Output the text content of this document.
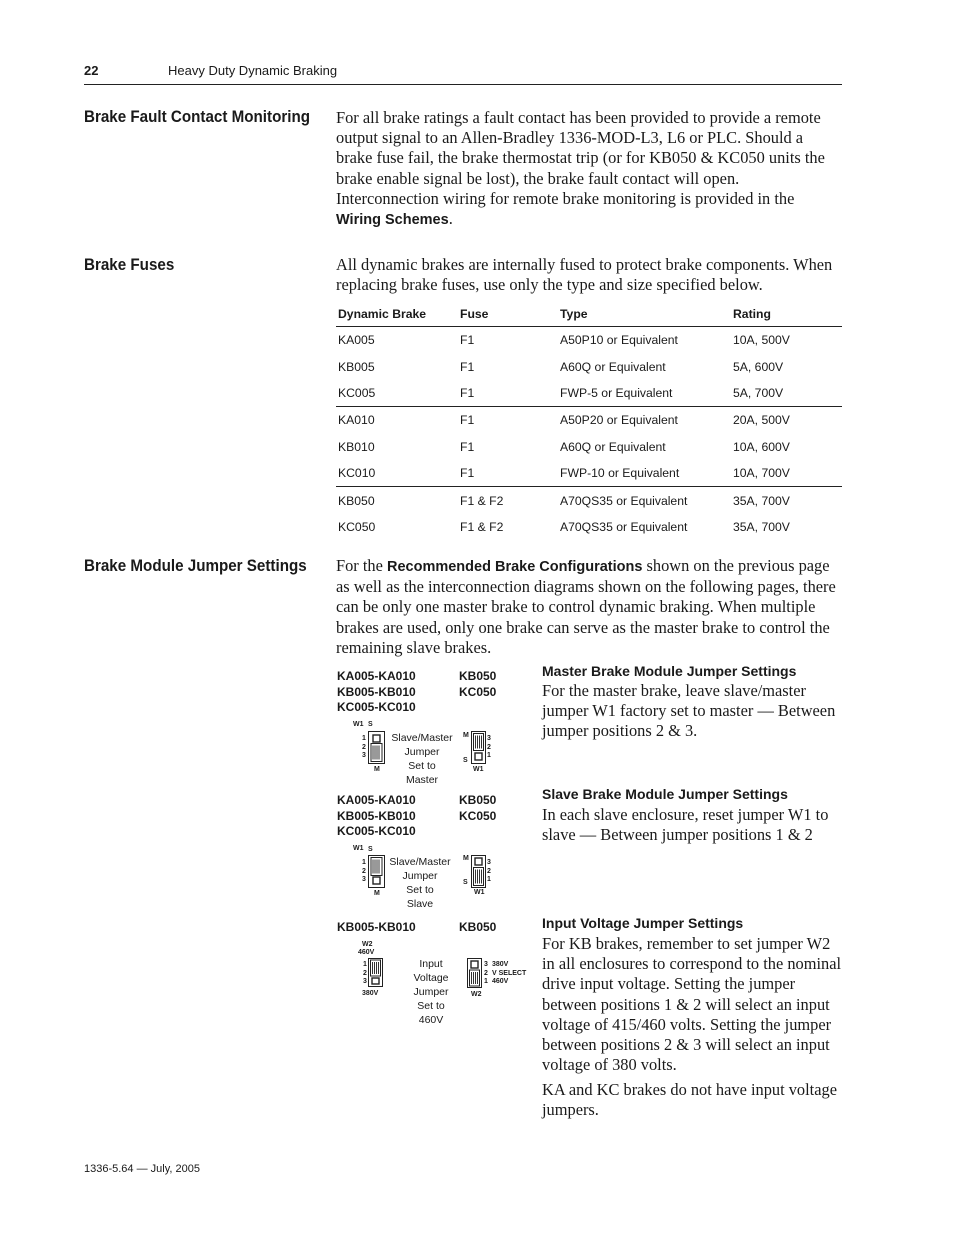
22	Heavy Duty Dynamic Braking
Brake Fault Contact Monitoring For all brake ratings a fault contact has been provided to provide a remote output signal to an Allen-Bradley 1336-MOD-L3, L6 or PLC. Should a brake fuse fail, the brake thermostat trip (or for KB050 & KC050 units the brake enable signal be lost), the brake fault contact will open. Interconnection wiring for remote brake monitoring is provided in the Wiring Schemes.
Brake Fuses	All dynamic brakes are internally fused to protect brake components. When replacing brake fuses, use only the type and size specified below.
Dynamic Brake	Fuse	Type	Rating
KA005	F1	A50P10 or Equivalent	10A, 500V
KB005	F1	A60Q or Equivalent	5A, 600V
KC005	F1	FWP-5 or Equivalent	5A, 700V
KA010	F1	A50P20 or Equivalent	20A, 500V
KB010	F1	A60Q or Equivalent	10A, 600V
KC010	F1	FWP-10 or Equivalent	10A, 700V
KB050	F1 & F2	A70QS35 or Equivalent	35A, 700V
KC050	F1 & F2	A70QS35 or Equivalent	35A, 700V
Brake Module Jumper Settings For the Recommended Brake Configurations shown on the previous page as well as the interconnection diagrams shown on the following pages, there can be only one master brake to control dynamic braking. When multiple brakes are used, only one brake can serve as the master brake to control the remaining slave brakes.
KA005-KA010
KB005-KB010
KC005-KC010
KB050
KC050
W1 S
1
2
3
M
Slave/Master
Jumper
Set to
Master
M	3
2
1
S
W1
Master Brake Module Jumper Settings
For the master brake, leave slave/master jumper W1 factory set to master — Between jumper positions 2 & 3.
KA005-KA010
KB005-KB010
KC005-KC010
KB050
KC050
W1 S
1
2
3
M
Slave/Master
Jumper
Set to
Slave
M
3
2
1
S
W1
Slave Brake Module Jumper Settings
In each slave enclosure, reset jumper W1 to slave — Between jumper positions 1 & 2
KB005-KB010	KB050
W2
460V
1
2
3
380V
Input
Voltage
Jumper
Set to
460V
3
2
1
380V
V SELECT
460V
W2
Input Voltage Jumper Settings
For KB brakes, remember to set jumper W2 in all enclosures to correspond to the nominal drive input voltage. Setting the jumper between positions 1 & 2 will select an input voltage of 415/460 volts. Setting the jumper between positions 2 & 3 will select an input voltage of 380 volts.
KA and KC brakes do not have input voltage jumpers.
1336-5.64 — July, 2005
